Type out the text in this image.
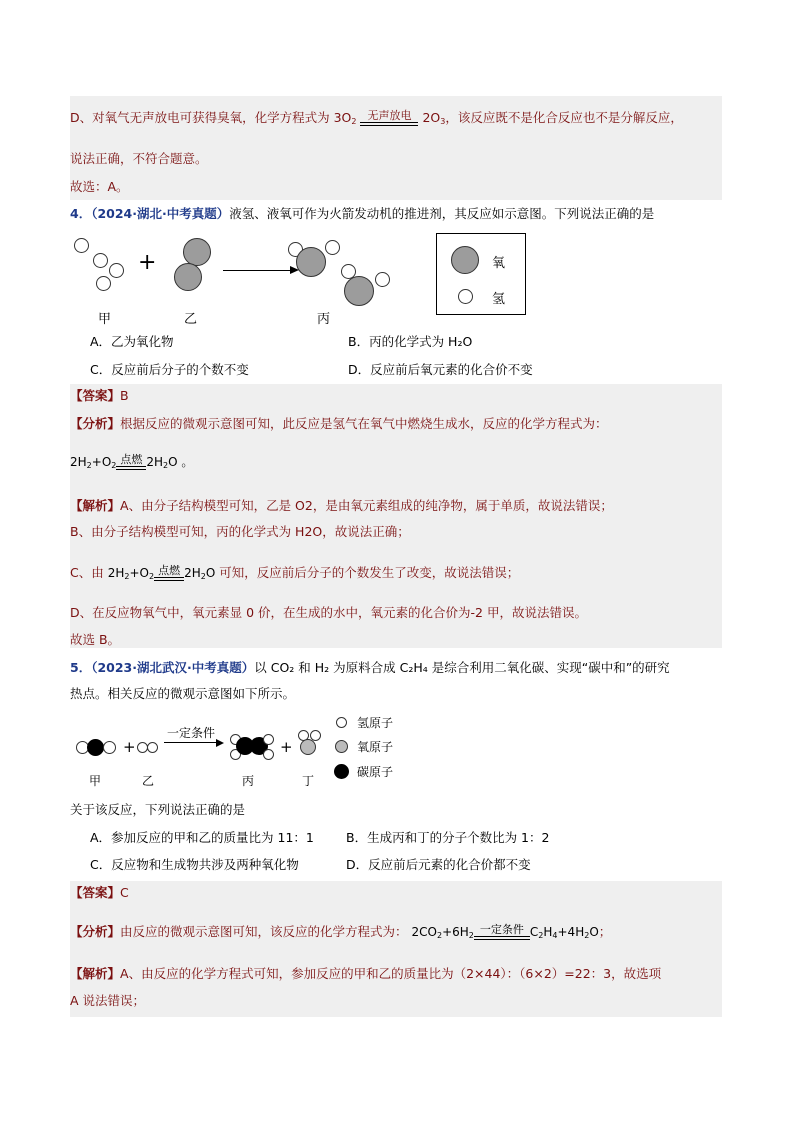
D、对氧气无声放电可获得臭氧，化学方程式为 $3O_2$ 无声放电 $2O_3$，该反应既不是化合反应也不是分解反应，
说法正确，不符合题意。
故选：A。
4．（2024·湖北·中考真题）液氢、液氧可作为火箭发动机的推进剂，其反应如示意图。下列说法正确的是
+
甲	乙	丙
氧
氢
A．乙为氧化物	B．丙的化学式为 H₂O
C．反应前后分子的个数不变	D．反应前后氧元素的化合价不变
【答案】B
【分析】根据反应的微观示意图可知，此反应是氢气在氧气中燃烧生成水，反应的化学方程式为：
$2H_2+O_2$ 点燃 $2H_2O$ 。
【解析】A、由分子结构模型可知，乙是 O2，是由氧元素组成的纯净物，属于单质，故说法错误；
B、由分子结构模型可知，丙的化学式为 H2O，故说法正确；
C、由 $2H_2+O_2$ 点燃 $2H_2O$ 可知，反应前后分子的个数发生了改变，故说法错误；
D、在反应物氧气中，氧元素显 0 价，在生成的水中，氧元素的化合价为-2 甲，故说法错误。
故选 B。
5．（2023·湖北武汉·中考真题）以 CO₂ 和 H₂ 为原料合成 C₂H₄ 是综合利用二氧化碳、实现“碳中和”的研究
热点。相关反应的微观示意图如下所示。
+
一定条件
+
甲	乙	丙	丁
氢原子
氧原子
碳原子
关于该反应，下列说法正确的是
A．参加反应的甲和乙的质量比为 11：1	B．生成丙和丁的分子个数比为 1：2
C．反应物和生成物共涉及两种氧化物	D．反应前后元素的化合价都不变
【答案】C
【分析】由反应的微观示意图可知，该反应的化学方程式为： $2CO_2+6H_2$ 一定条件 $C_2H_4+4H_2O$；
【解析】A、由反应的化学方程式可知，参加反应的甲和乙的质量比为（2×44）：（6×2）=22：3，故选项
A 说法错误；
